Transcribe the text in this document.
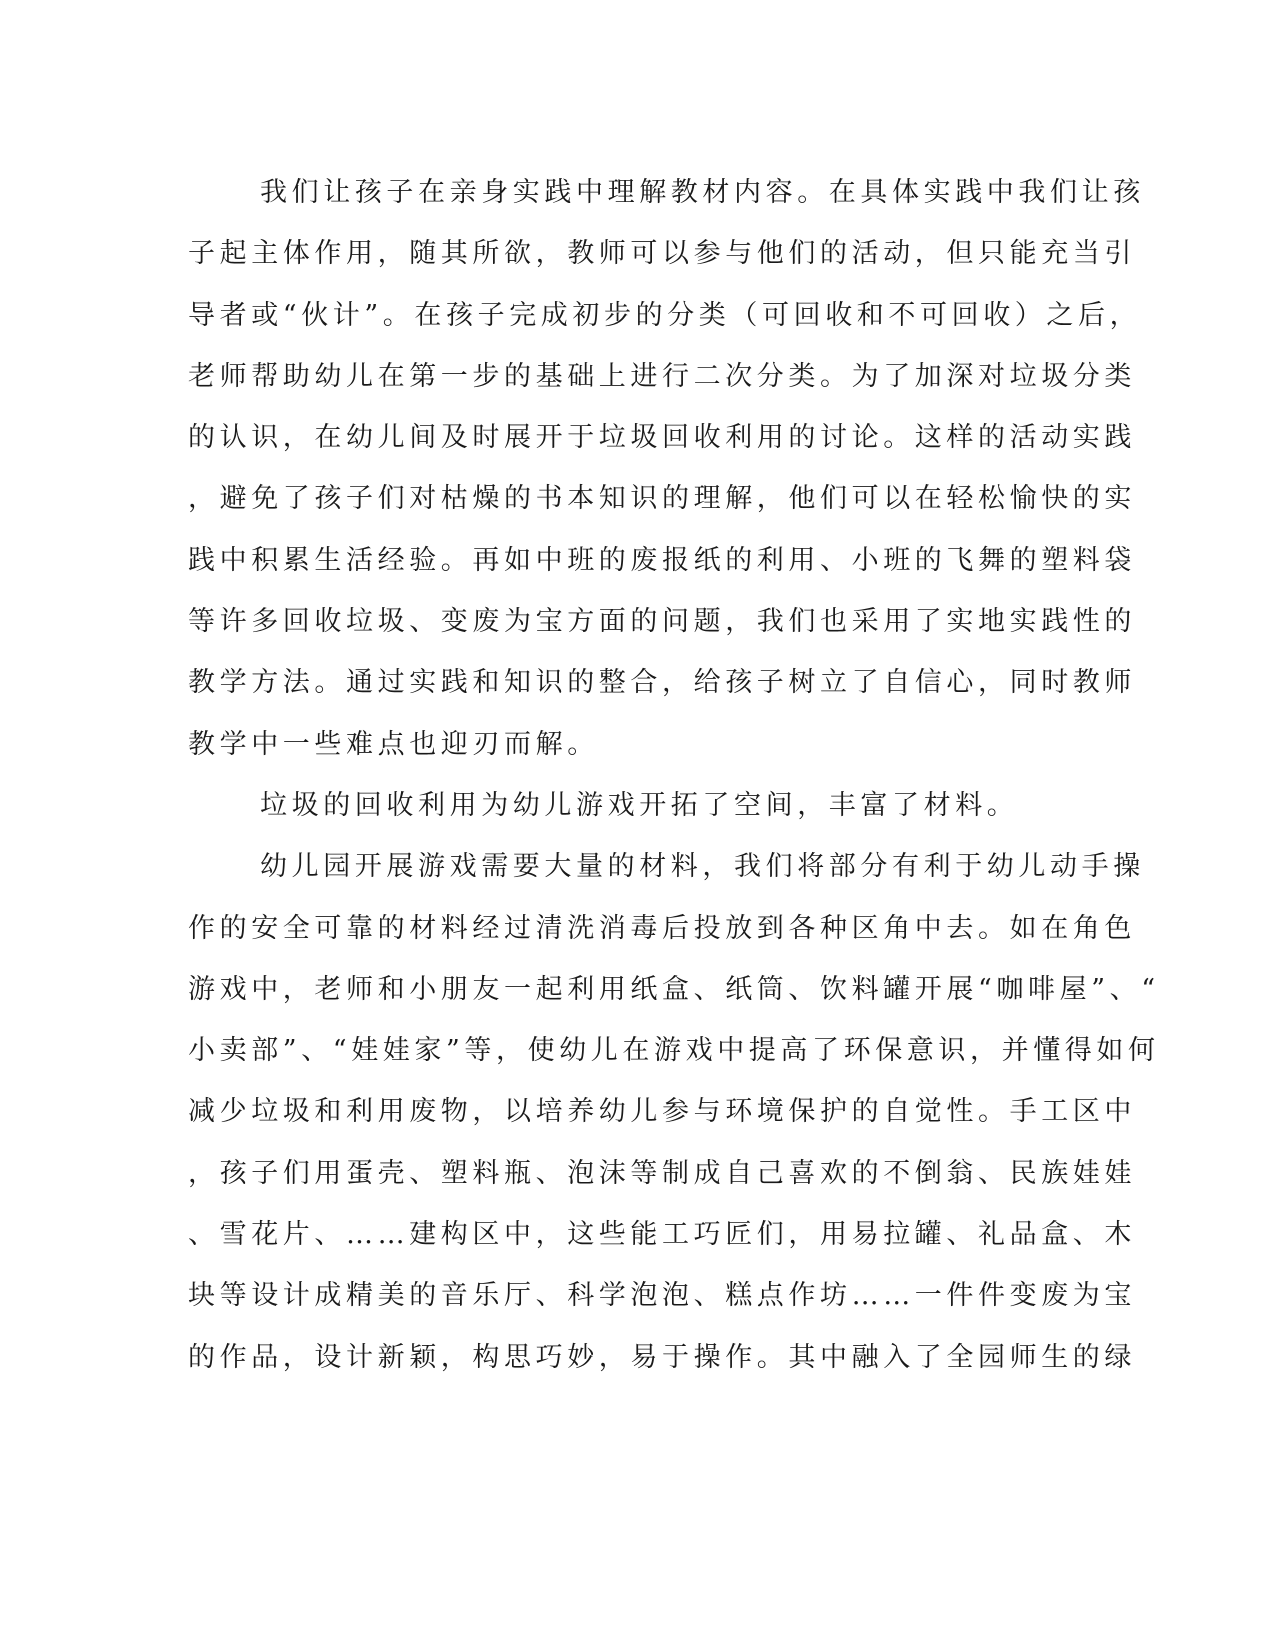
我们让孩子在亲身实践中理解教材内容。在具体实践中我们让孩
子起主体作用，随其所欲，教师可以参与他们的活动，但只能充当引
导者或“伙计”。在孩子完成初步的分类（可回收和不可回收）之后，
老师帮助幼儿在第一步的基础上进行二次分类。为了加深对垃圾分类
的认识，在幼儿间及时展开于垃圾回收利用的讨论。这样的活动实践
，避免了孩子们对枯燥的书本知识的理解，他们可以在轻松愉快的实
践中积累生活经验。再如中班的废报纸的利用、小班的飞舞的塑料袋
等许多回收垃圾、变废为宝方面的问题，我们也采用了实地实践性的
教学方法。通过实践和知识的整合，给孩子树立了自信心，同时教师
教学中一些难点也迎刃而解。
垃圾的回收利用为幼儿游戏开拓了空间，丰富了材料。
幼儿园开展游戏需要大量的材料，我们将部分有利于幼儿动手操
作的安全可靠的材料经过清洗消毒后投放到各种区角中去。如在角色
游戏中，老师和小朋友一起利用纸盒、纸筒、饮料罐开展“咖啡屋”、“
小卖部”、“娃娃家”等，使幼儿在游戏中提高了环保意识，并懂得如何
减少垃圾和利用废物，以培养幼儿参与环境保护的自觉性。手工区中
，孩子们用蛋壳、塑料瓶、泡沫等制成自己喜欢的不倒翁、民族娃娃
、雪花片、……建构区中，这些能工巧匠们，用易拉罐、礼品盒、木
块等设计成精美的音乐厅、科学泡泡、糕点作坊……一件件变废为宝
的作品，设计新颖，构思巧妙，易于操作。其中融入了全园师生的绿
